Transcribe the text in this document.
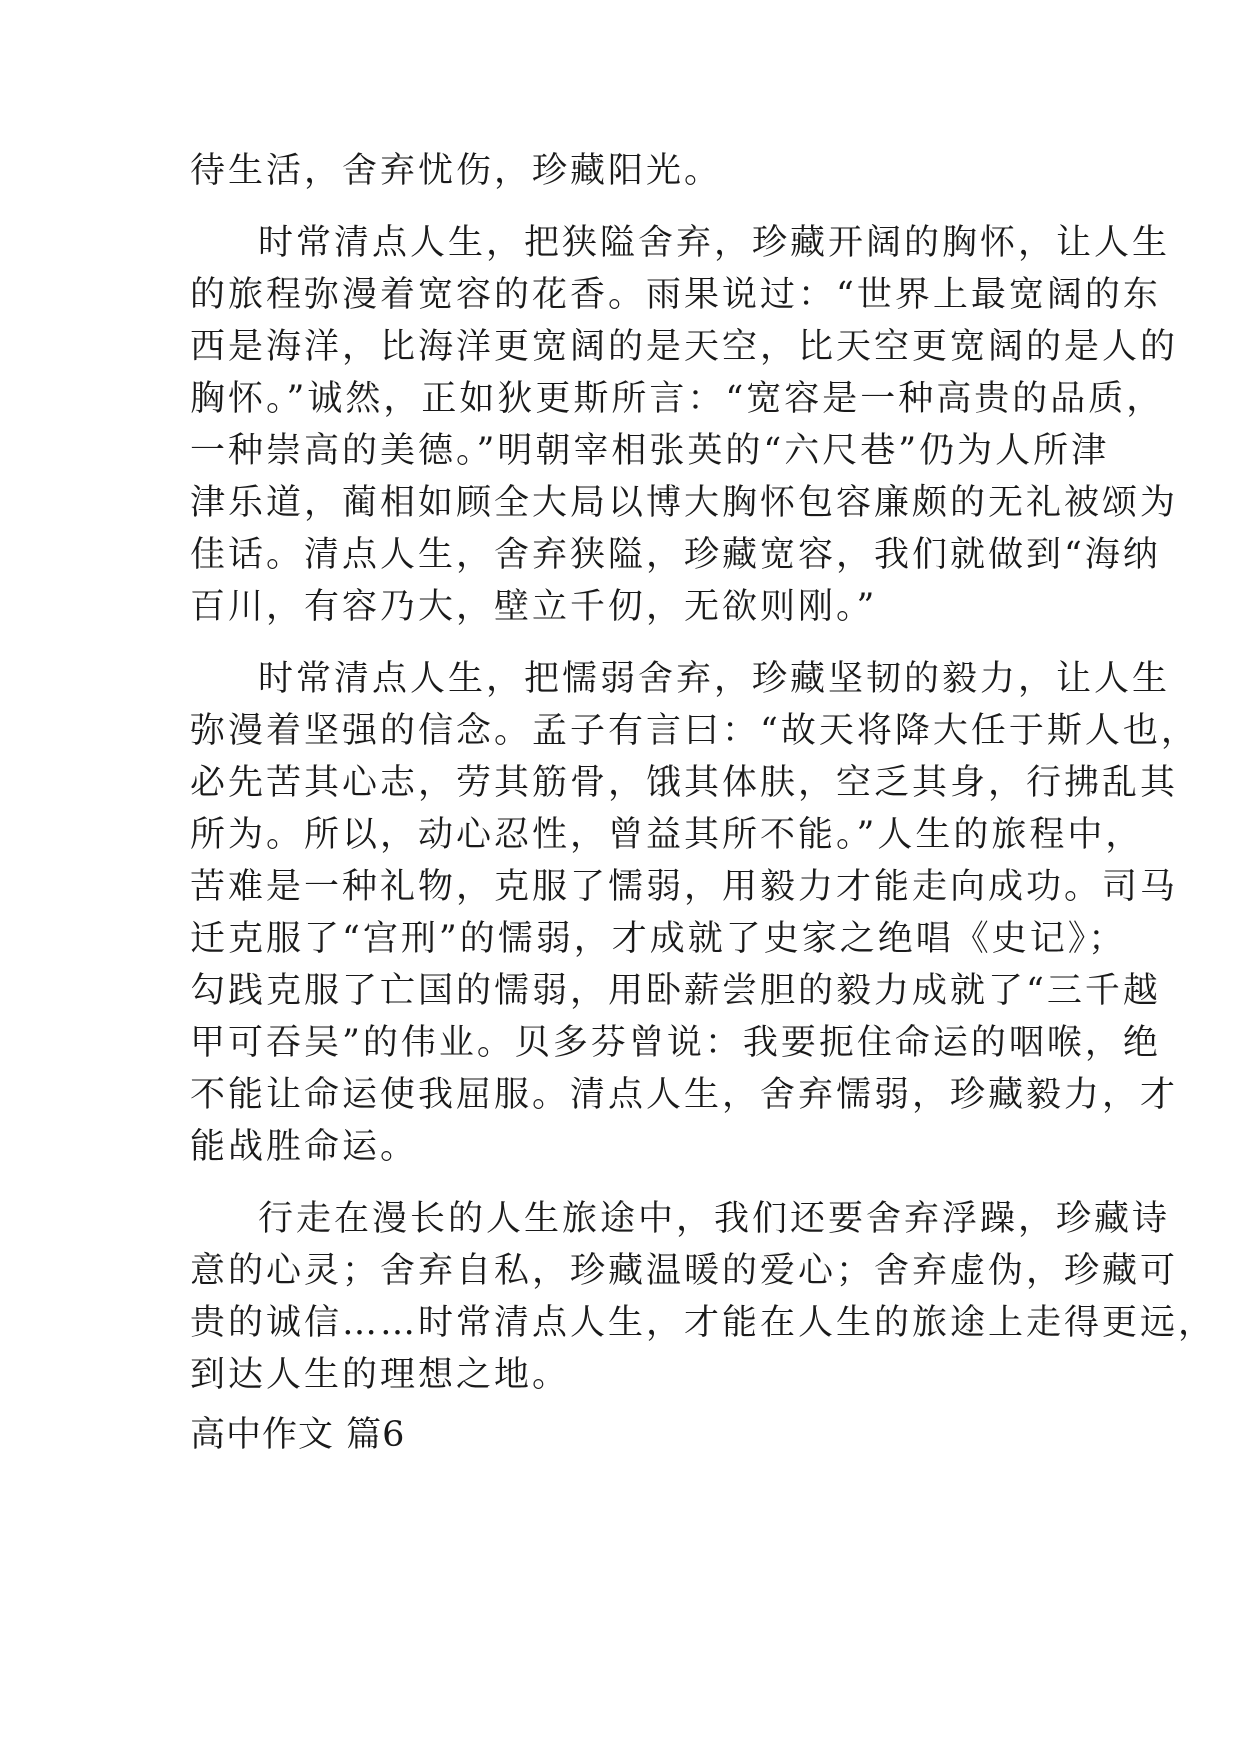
待生活，舍弃忧伤，珍藏阳光。
时常清点人生，把狭隘舍弃，珍藏开阔的胸怀，让人生
的旅程弥漫着宽容的花香。雨果说过：“世界上最宽阔的东
西是海洋，比海洋更宽阔的是天空，比天空更宽阔的是人的
胸怀。”诚然，正如狄更斯所言：“宽容是一种高贵的品质，
一种崇高的美德。”明朝宰相张英的“六尺巷”仍为人所津
津乐道，蔺相如顾全大局以博大胸怀包容廉颇的无礼被颂为
佳话。清点人生，舍弃狭隘，珍藏宽容，我们就做到“海纳
百川，有容乃大，壁立千仞，无欲则刚。”
时常清点人生，把懦弱舍弃，珍藏坚韧的毅力，让人生
弥漫着坚强的信念。孟子有言曰：“故天将降大任于斯人也，
必先苦其心志，劳其筋骨，饿其体肤，空乏其身，行拂乱其
所为。所以，动心忍性，曾益其所不能。”人生的旅程中，
苦难是一种礼物，克服了懦弱，用毅力才能走向成功。司马
迁克服了“宫刑”的懦弱，才成就了史家之绝唱《史记》；
勾践克服了亡国的懦弱，用卧薪尝胆的毅力成就了“三千越
甲可吞吴”的伟业。贝多芬曾说：我要扼住命运的咽喉，绝
不能让命运使我屈服。清点人生，舍弃懦弱，珍藏毅力，才
能战胜命运。
行走在漫长的人生旅途中，我们还要舍弃浮躁，珍藏诗
意的心灵；舍弃自私，珍藏温暖的爱心；舍弃虚伪，珍藏可
贵的诚信……时常清点人生，才能在人生的旅途上走得更远，
到达人生的理想之地。
高中作文 篇6
